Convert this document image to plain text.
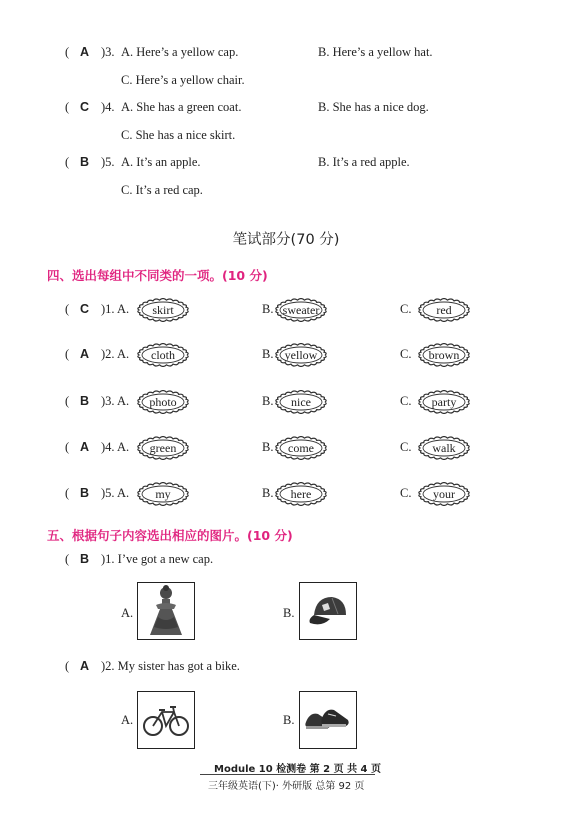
( A )3. A. Here’s a yellow cap.	B. Here’s a yellow hat.
C. Here’s a yellow chair.
( C )4. A. She has a green coat.	B. She has a nice dog.
C. She has a nice skirt.
( B )5. A. It’s an apple.	B. It’s a red apple.
C. It’s a red cap.
笔试部分(70 分)
四、选出每组中不同类的一项。(10 分)
( C )1. A.	skirt	B. sweater	C.	red
( A )2. A.	cloth	B. yellow	C.	brown
( B )3. A.	photo	B.	nice	C.	party
( A )4. A.	green	B.	come	C.	walk
( B )5. A.	my	B.	here	C.	your
五、根据句子内容选出相应的图片。(10 分)
( B )1. I’ve got a new cap.
A.	B.
( A )2. My sister has got a bike.
A.	B.
Module 10 检测卷 第 2 页 共 4 页
三年级英语(下)· 外研版 总第 92 页
